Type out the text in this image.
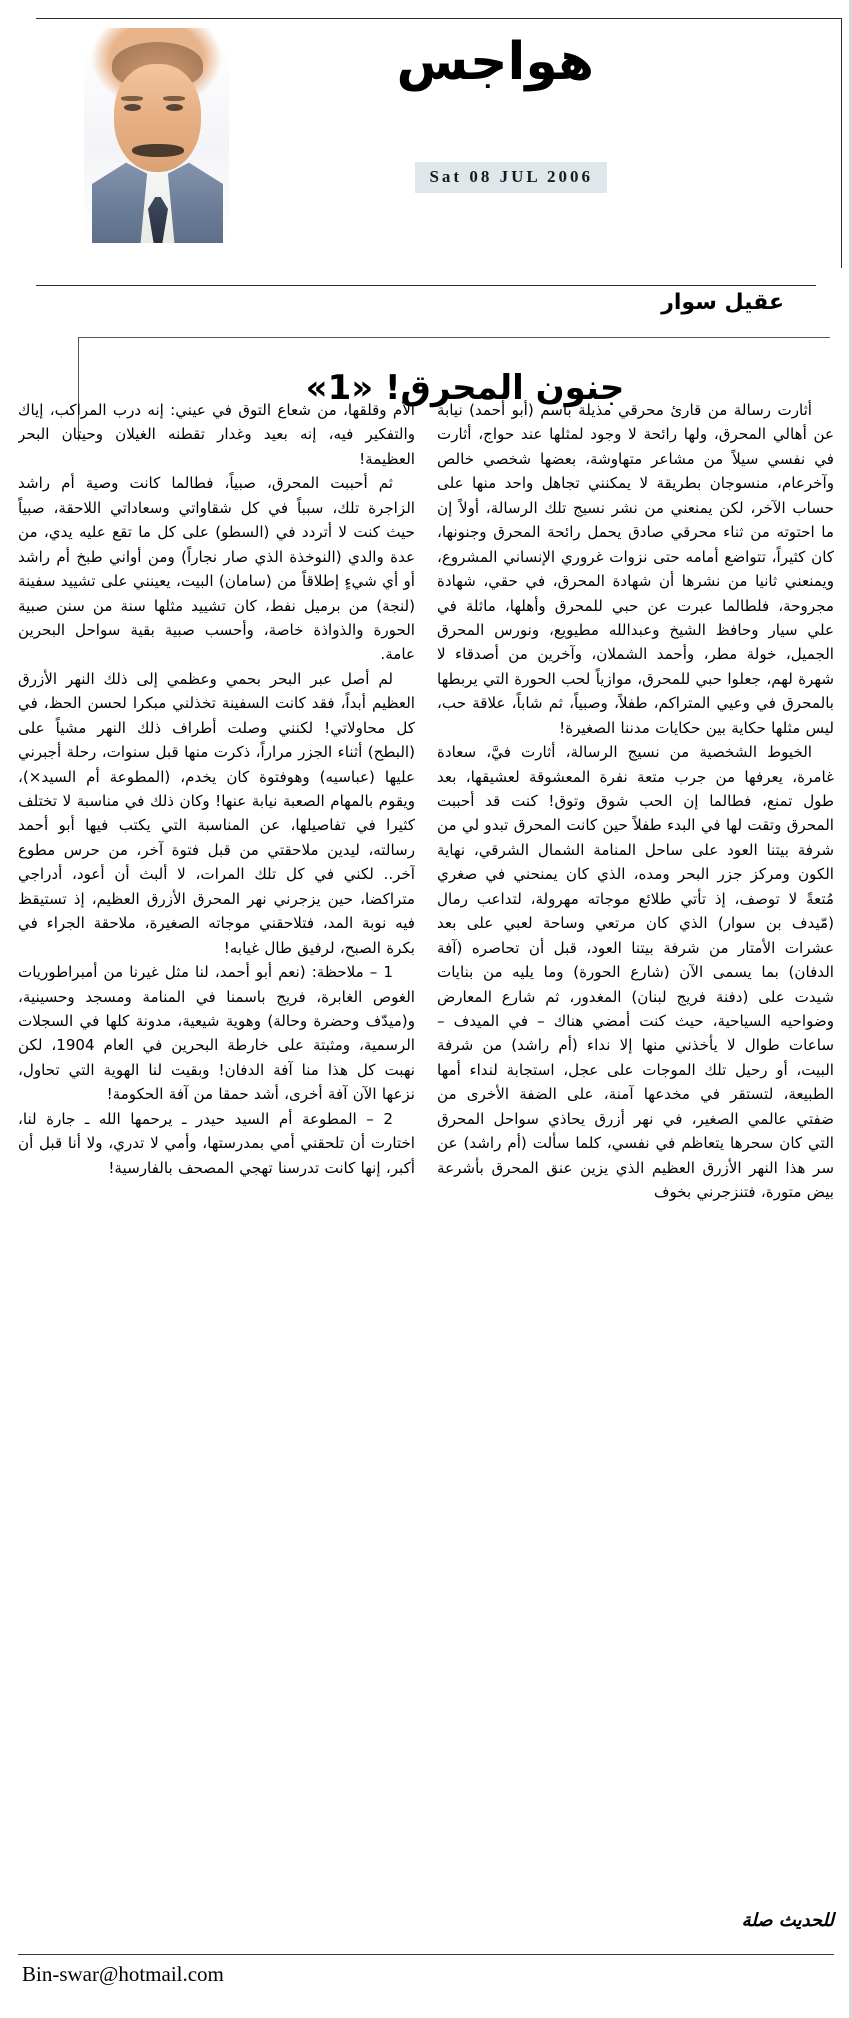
هواجس
Sat 08 JUL 2006
عقيل سوار
جنون المحرق! «1»

أثارت رسالة من قارئ محرقي مذيلة باسم (أبو أحمد) نيابة عن أهالي المحرق، ولها رائحة لا وجود لمثلها عند حواج، أثارت في نفسي سيلاً من مشاعر متهاوشة، بعضها شخصي خالص وآخرعام، منسوجان بطريقة لا يمكنني تجاهل واحد منها على حساب الآخر، لكن يمنعني من نشر نسيج تلك الرسالة، أولاً إن ما احتوته من ثناء محرقي صادق يحمل رائحة المحرق وجنونها، كان كثيراً، تتواضع أمامه حتى نزوات غروري الإنساني المشروع، ويمنعني ثانيا من نشرها أن شهادة المحرق، في حقي، شهادة مجروحة، فلطالما عبرت عن حبي للمحرق وأهلها، ماثلة في علي سيار وحافظ الشيخ وعبدالله مطيويع، ونورس المحرق الجميل، خولة مطر، وأحمد الشملان، وآخرين من أصدقاء لا شهرة لهم، جعلوا حبي للمحرق، موازياً لحب الحورة التي يربطها بالمحرق في وعيي المتراكم، طفلاً، وصبياً، ثم شاباً، علاقة حب، ليس مثلها حكاية بين حكايات مدننا الصغيرة!

الخيوط الشخصية من نسيج الرسالة، أثارت فيَّ، سعادة غامرة، يعرفها من جرب متعة نفرة المعشوقة لعشيقها، بعد طول تمنع، فطالما إن الحب شوق وتوق! كنت قد أحببت المحرق وتقت لها في البدء طفلاً حين كانت المحرق تبدو لي من شرفة بيتنا العود على ساحل المنامة الشمال الشرقي، نهاية الكون ومركز جزر البحر ومده، الذي كان يمنحني في صغري مُتعةً لا توصف، إذ تأتي طلائع موجاته مهرولة، لتداعب رمال (مّيدف بن سوار) الذي كان مرتعي وساحة لعبي على بعد عشرات الأمتار من شرفة بيتنا العود، قبل أن تحاصره (آفة الدفان) بما يسمى الآن (شارع الحورة) وما يليه من بنايات شيدت على (دفنة فريج لبنان) المغدور، ثم شارع المعارض وضواحيه السياحية، حيث كنت أمضي هناك – في الميدف – ساعات طوال لا يأخذني منها إلا نداء (أم راشد) من شرفة البيت، أو رحيل تلك الموجات على عجل، استجابة لنداء أمها الطبيعة، لتستقر في مخدعها آمنة، على الضفة الأخرى من ضفتي عالمي الصغير، في نهر أزرق يحاذي سواحل المحرق التي كان سحرها يتعاظم في نفسي، كلما سألت (أم راشد) عن سر هذا النهر الأزرق العظيم الذي يزين عنق المحرق بأشرعة بيض متورة، فتنزجرني بخوف

الأم وقلقها، من شعاع التوق في عيني: إنه درب المراكب، إياك والتفكير فيه، إنه بعيد وغدار تقطنه الغيلان وحيتان البحر العظيمة!

ثم أحببت المحرق، صبياً، فطالما كانت وصية أم راشد الزاجرة تلك، سبباً في كل شقاواتي وسعاداتي اللاحقة، صبياً حيث كنت لا أتردد في (السطو) على كل ما تقع عليه يدي، من عدة والدي (النوخذة الذي صار نجاراً) ومن أواني طبخ أم راشد أو أي شيءٍ إطلاقاً من (سامان) البيت، يعينني على تشييد سفينة (لنجة) من برميل نفط، كان تشييد مثلها سنة من سنن صبية الحورة والذواذة خاصة، وأحسب صبية بقية سواحل البحرين عامة.

لم أصل عبر البحر بحمي وعظمي إلى ذلك النهر الأزرق العظيم أبداً، فقد كانت السفينة تخذلني مبكرا لحسن الحظ، في كل محاولاتي! لكنني وصلت أطراف ذلك النهر مشياً على (البطح) أثناء الجزر مراراً، ذكرت منها قبل سنوات، رحلة أجبرني عليها (عباسيه) وهوفتوة كان يخدم، (المطوعة أم السيد×)، ويقوم بالمهام الصعبة نيابة عنها! وكان ذلك في مناسبة لا تختلف كثيرا في تفاصيلها، عن المناسبة التي يكتب فيها أبو أحمد رسالته، ليدين ملاحقتي من قبل فتوة آخر، من حرس مطوع آخر.. لكني في كل تلك المرات، لا ألبث أن أعود، أدراجي متراكضا، حين يزجرني نهر المحرق الأزرق العظيم، إذ تستيقظ فيه نوبة المد، فتلاحقني موجاته الصغيرة، ملاحقة الجراء في بكرة الصبح، لرفيق طال غيابه!

1 – ملاحظة: (نعم أبو أحمد، لنا مثل غيرنا من أمبراطوريات الغوص الغابرة، فريج باسمنا في المنامة ومسجد وحسينية، و(ميدّف وحضرة وحالة) وهوية شيعية، مدونة كلها في السجلات الرسمية، ومثبتة على خارطة البحرين في العام 1904، لكن نهبت كل هذا منا آفة الدفان! وبقيت لنا الهوية التي تحاول، نزعها الآن آفة أخرى، أشد حمقا من آفة الحكومة!

2 – المطوعة أم السيد حيدر ـ يرحمها الله ـ جارة لنا، اختارت أن تلحقني أمي بمدرستها، وأمي لا تدري، ولا أنا قبل أن أكبر، إنها كانت تدرسنا تهجي المصحف بالفارسية!

للحديث صلة
Bin-swar@hotmail.com
